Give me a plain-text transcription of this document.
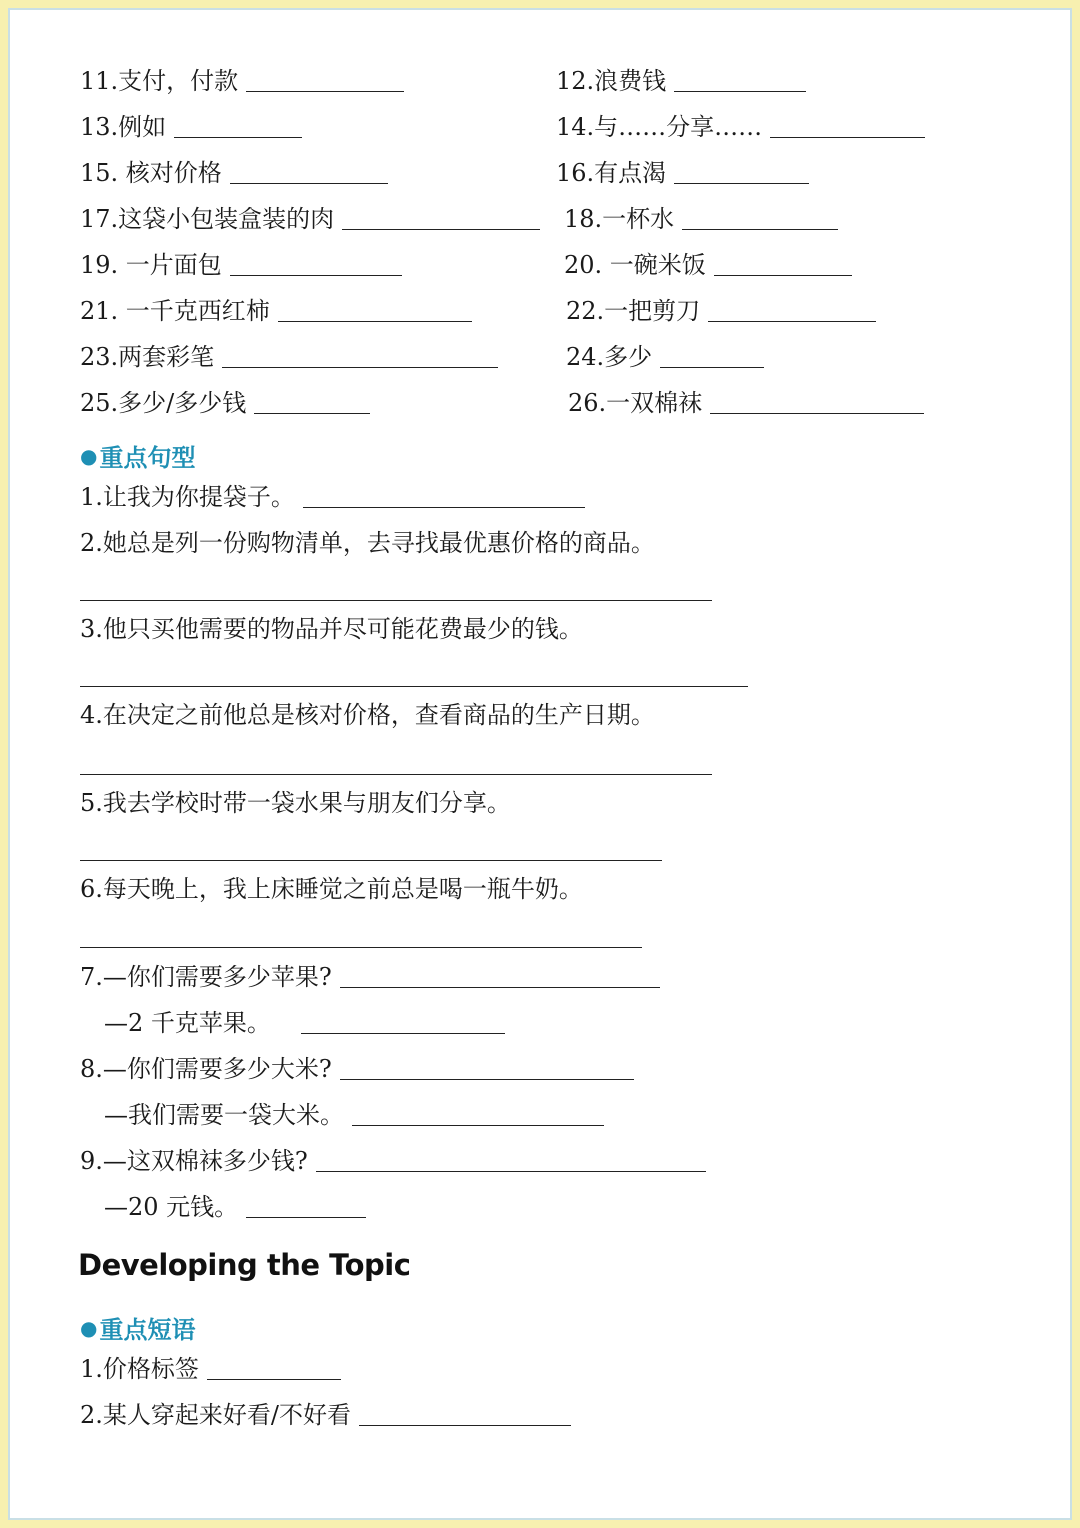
11.支付，付款	12.浪费钱
13.例如	14.与……分享……
15. 核对价格	16.有点渴
17.这袋小包装盒装的肉	18.一杯水
19. 一片面包	20. 一碗米饭
21. 一千克西红柿	22.一把剪刀
23.两套彩笔	24.多少
25.多少/多少钱	26.一双棉袜
● 重点句型
1.让我为你提袋子。
2.她总是列一份购物清单，去寻找最优惠价格的商品。
3.他只买他需要的物品并尽可能花费最少的钱。
4.在决定之前他总是核对价格，查看商品的生产日期。
5.我去学校时带一袋水果与朋友们分享。
6.每天晚上，我上床睡觉之前总是喝一瓶牛奶。
7.—你们需要多少苹果?
—2 千克苹果。
8.—你们需要多少大米?
—我们需要一袋大米。
9.—这双棉袜多少钱?
—20 元钱。
Developing the Topic
● 重点短语
1.价格标签
2.某人穿起来好看/不好看
